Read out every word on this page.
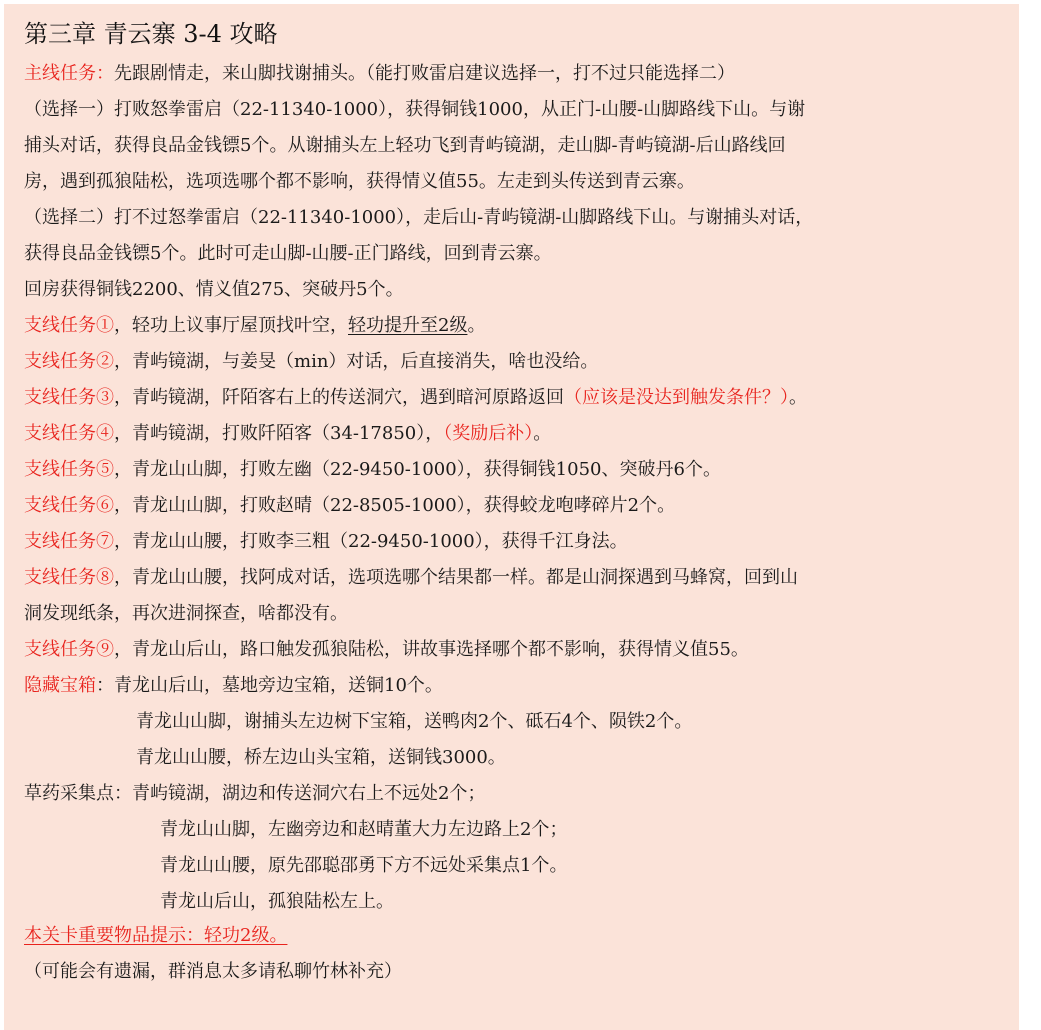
第三章 青云寨 3-4 攻略
主线任务：先跟剧情走，来山脚找谢捕头。（能打败雷启建议选择一，打不过只能选择二）
（选择一）打败怒拳雷启（22-11340-1000），获得铜钱1000，从正门-山腰-山脚路线下山。与谢
捕头对话，获得良品金钱镖5个。从谢捕头左上轻功飞到青屿镜湖，走山脚-青屿镜湖-后山路线回
房，遇到孤狼陆松，选项选哪个都不影响，获得情义值55。左走到头传送到青云寨。
（选择二）打不过怒拳雷启（22-11340-1000），走后山-青屿镜湖-山脚路线下山。与谢捕头对话，
获得良品金钱镖5个。此时可走山脚-山腰-正门路线，回到青云寨。
回房获得铜钱2200、情义值275、突破丹5个。
支线任务①，轻功上议事厅屋顶找叶空，轻功提升至2级。
支线任务②，青屿镜湖，与姜旻（min）对话，后直接消失，啥也没给。
支线任务③，青屿镜湖，阡陌客右上的传送洞穴，遇到暗河原路返回（应该是没达到触发条件？）。
支线任务④，青屿镜湖，打败阡陌客（34-17850），（奖励后补）。
支线任务⑤，青龙山山脚，打败左幽（22-9450-1000），获得铜钱1050、突破丹6个。
支线任务⑥，青龙山山脚，打败赵晴（22-8505-1000），获得蛟龙咆哮碎片2个。
支线任务⑦，青龙山山腰，打败李三粗（22-9450-1000），获得千江身法。
支线任务⑧，青龙山山腰，找阿成对话，选项选哪个结果都一样。都是山洞探遇到马蜂窝，回到山
洞发现纸条，再次进洞探查，啥都没有。
支线任务⑨，青龙山后山，路口触发孤狼陆松，讲故事选择哪个都不影响，获得情义值55。
隐藏宝箱：青龙山后山，墓地旁边宝箱，送铜10个。
青龙山山脚，谢捕头左边树下宝箱，送鸭肉2个、砥石4个、陨铁2个。
青龙山山腰，桥左边山头宝箱，送铜钱3000。
草药采集点：青屿镜湖，湖边和传送洞穴右上不远处2个；
青龙山山脚，左幽旁边和赵晴董大力左边路上2个；
青龙山山腰，原先邵聪邵勇下方不远处采集点1个。
青龙山后山，孤狼陆松左上。
本关卡重要物品提示：轻功2级。
（可能会有遗漏，群消息太多请私聊竹林补充）
